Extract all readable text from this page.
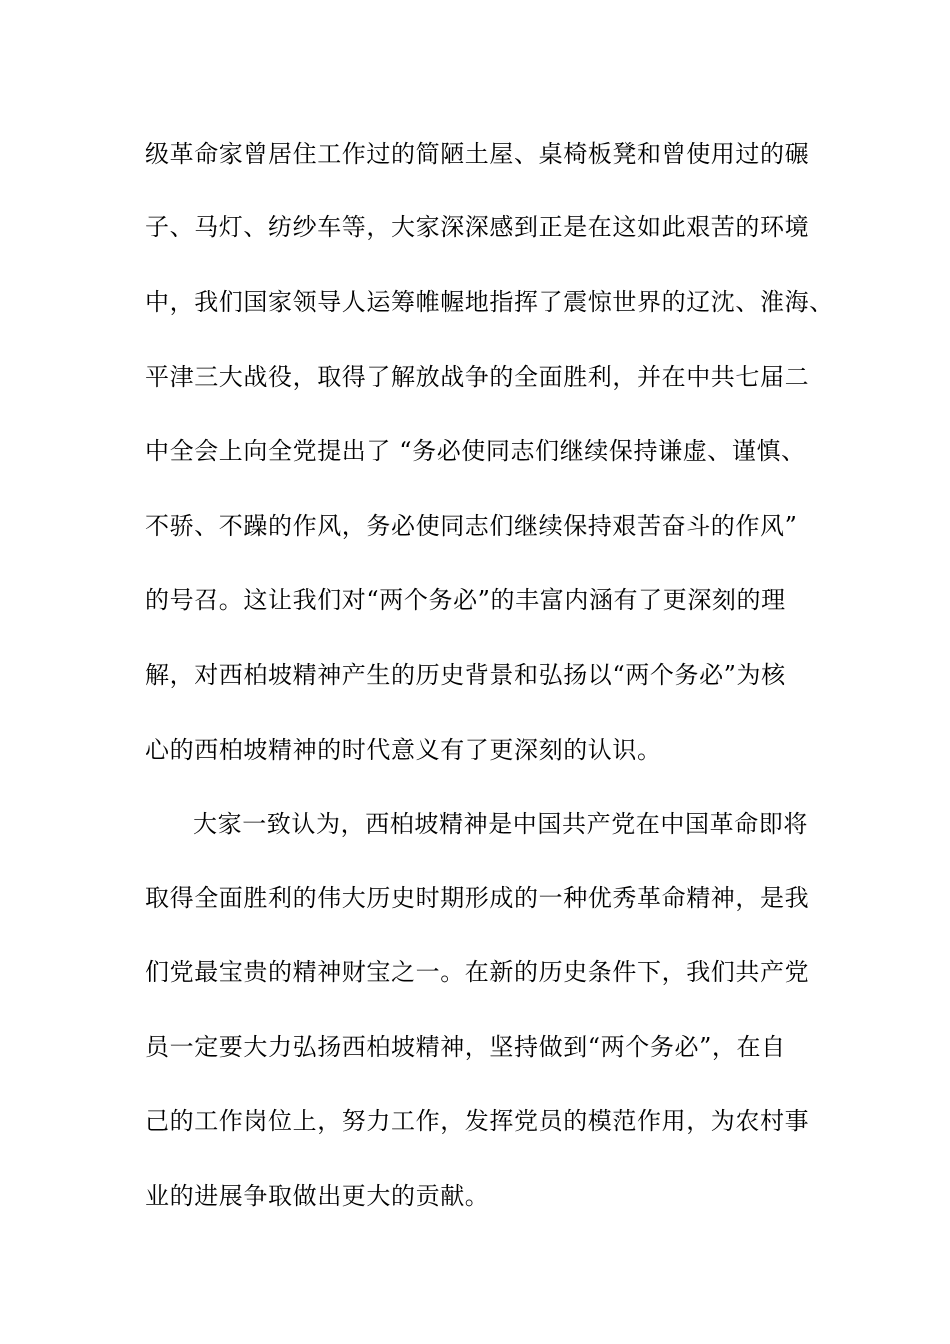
级革命家曾居住工作过的简陋土屋、桌椅板凳和曾使用过的碾
子、马灯、纺纱车等，大家深深感到正是在这如此艰苦的环境
中，我们国家领导人运筹帷幄地指挥了震惊世界的辽沈、淮海、
平津三大战役，取得了解放战争的全面胜利，并在中共七届二
中全会上向全党提出了 “务必使同志们继续保持谦虚、谨慎、
不骄、不躁的作风，务必使同志们继续保持艰苦奋斗的作风”
的号召。这让我们对“两个务必”的丰富内涵有了更深刻的理
解，对西柏坡精神产生的历史背景和弘扬以“两个务必”为核
心的西柏坡精神的时代意义有了更深刻的认识。
大家一致认为，西柏坡精神是中国共产党在中国革命即将
取得全面胜利的伟大历史时期形成的一种优秀革命精神，是我
们党最宝贵的精神财宝之一。在新的历史条件下，我们共产党
员一定要大力弘扬西柏坡精神，坚持做到“两个务必”，在自
己的工作岗位上，努力工作，发挥党员的模范作用，为农村事
业的进展争取做出更大的贡献。
